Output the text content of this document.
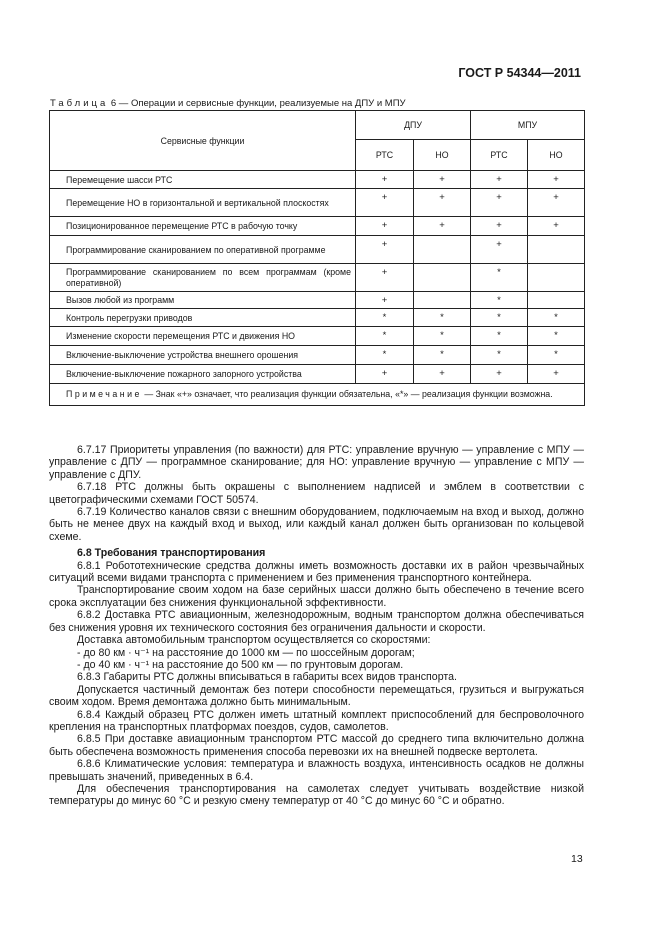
ГОСТ Р 54344—2011
Таблица 6 — Операции и сервисные функции, реализуемые на ДПУ и МПУ
Сервисные функции	ДПУ		МПУ	
	РТС	НО	РТС	НО
Перемещение шасси РТС	+	+	+	+
Перемещение НО в горизонтальной и вертикальной плоскостях	+	+	+	+
Позиционированное перемещение РТС в рабочую точку	+	+	+	+
Программирование сканированием по оперативной программе	+		+	
Программирование сканированием по всем программам (кроме оперативной)	+		*	
Вызов любой из программ	+		*	
Контроль перегрузки приводов	*	*	*	*
Изменение скорости перемещения РТС и движения НО	*	*	*	*
Включение-выключение устройства внешнего орошения	*	*	*	*
Включение-выключение пожарного запорного устройства	+	+	+	+
Примечание — Знак «+» означает, что реализация функции обязательна, «*» — реализация функции возможна.				

6.7.17 Приоритеты управления (по важности) для РТС: управление вручную — управление с МПУ — управление с ДПУ — программное сканирование; для НО: управление вручную — управление с МПУ — управление с ДПУ.

6.7.18 РТС должны быть окрашены с выполнением надписей и эмблем в соответствии с цветографическими схемами ГОСТ 50574.

6.7.19 Количество каналов связи с внешним оборудованием, подключаемым на вход и выход, должно быть не менее двух на каждый вход и выход, или каждый канал должен быть организован по кольцевой схеме.

6.8 Требования транспортирования

6.8.1 Робототехнические средства должны иметь возможность доставки их в район чрезвычайных ситуаций всеми видами транспорта с применением и без применения транспортного контейнера.

Транспортирование своим ходом на базе серийных шасси должно быть обеспечено в течение всего срока эксплуатации без снижения функциональной эффективности.

6.8.2 Доставка РТС авиационным, железнодорожным, водным транспортом должна обеспечиваться без снижения уровня их технического состояния без ограничения дальности и скорости.

Доставка автомобильным транспортом осуществляется со скоростями:

- до 80 км · ч⁻¹ на расстояние до 1000 км — по шоссейным дорогам;

- до 40 км · ч⁻¹ на расстояние до 500 км — по грунтовым дорогам.

6.8.3 Габариты РТС должны вписываться в габариты всех видов транспорта.

Допускается частичный демонтаж без потери способности перемещаться, грузиться и выгружаться своим ходом. Время демонтажа должно быть минимальным.

6.8.4 Каждый образец РТС должен иметь штатный комплект приспособлений для беспроволочного крепления на транспортных платформах поездов, судов, самолетов.

6.8.5 При доставке авиационным транспортом РТС массой до среднего типа включительно должна быть обеспечена возможность применения способа перевозки их на внешней подвеске вертолета.

6.8.6 Климатические условия: температура и влажность воздуха, интенсивность осадков не должны превышать значений, приведенных в 6.4.

Для обеспечения транспортирования на самолетах следует учитывать воздействие низкой температуры до минус 60 °С и резкую смену температур от 40 °С до минус 60 °С и обратно.

13
